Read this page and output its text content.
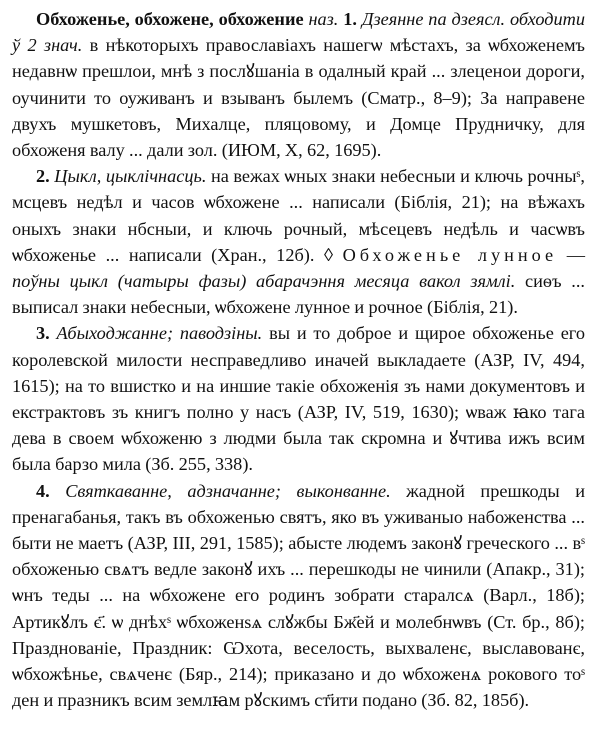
Обхоженье, обхожене, обхожение наз. 1. Дзеянне па дзеясл. обходити ў 2 знач. в нѣкоторыхъ православіахъ нашегѡ мѣстахъ, за ѡбхоженемъ недавнѡ прешлои, мнѣ з послꙋшаніа в одалный край ... злеценои дороги, оучинити то оуживанъ и взыванъ былемъ (Сматр., 8–9); За направене двухъ мушкетовъ, Михалце, пляцовому, и Домце Прудничку, для обхоженя валу ... дали зол. (ИЮМ, Х, 62, 1695).

2. Цыкл, цыклічнасць. на вежах ѡных знаки небесныи и ключь рочныˢ, мсцевъ недѣл и часов ѡбхожене ... написали (Біблія, 21); на вѣжахъ оныхъ знаки нбсныи, и ключь рочный, мѣсецевъ недѣль и часѡвъ ѡбхоженье ... написали (Хран., 12б). ◊ Обхоженье лунное — поўны цыкл (чатыры фазы) абарачэння месяца вакол зямлі. сиѳъ ... выписал знаки небесныи, ѡбхожене лунное и рочное (Біблія, 21).

3. Абыходжанне; паводзіны. вы и то доброе и щирое обхоженье его королевской милости несправедливо иначей выкладаете (АЗР, IV, 494, 1615); на то вшистко и на иншие такіе обхоженія зъ нами документовъ и екстрактовъ зъ книгъ полно у насъ (АЗР, IV, 519, 1630); ѡваж ꙗко тага дева в своем ѡбхоженю з людми была так скромна и ꙋчтива ижъ всим была барзо мила (Зб. 255, 338).

4. Святкаванне, адзначанне; выконванне. жадной прешкоды и пренагабанья, такъ въ обхоженью святъ, яко въ уживаныо набоженства ... быти не маетъ (АЗР, III, 291, 1585); абысте людемъ законꙋ греческого ... вˢ обхоженью свѧтъ ведле законꙋ ихъ ... перешкоды не чинили (Апакр., 31); ѡнъ теды ... на ѡбхожене его родинъ зобрати старалсѧ (Варл., 18б); Артикꙋлъ є҃. ѡ днѣхˢ ѡбхоженѕѧ слꙋжбы Бж҃ей и молебнѡвъ (Ст. бр., 8б); Празднованіе, Праздник: Ѡхота, веселость, выхваленє, выславованє, ѡбхожѣнье, свѧченє (Бяр., 214); приказано и до ѡбхоженѧ рокового тоˢ ден и празникъ всим землꙗм рꙋскимъ ст҃ити подано (Зб. 82, 185б).
